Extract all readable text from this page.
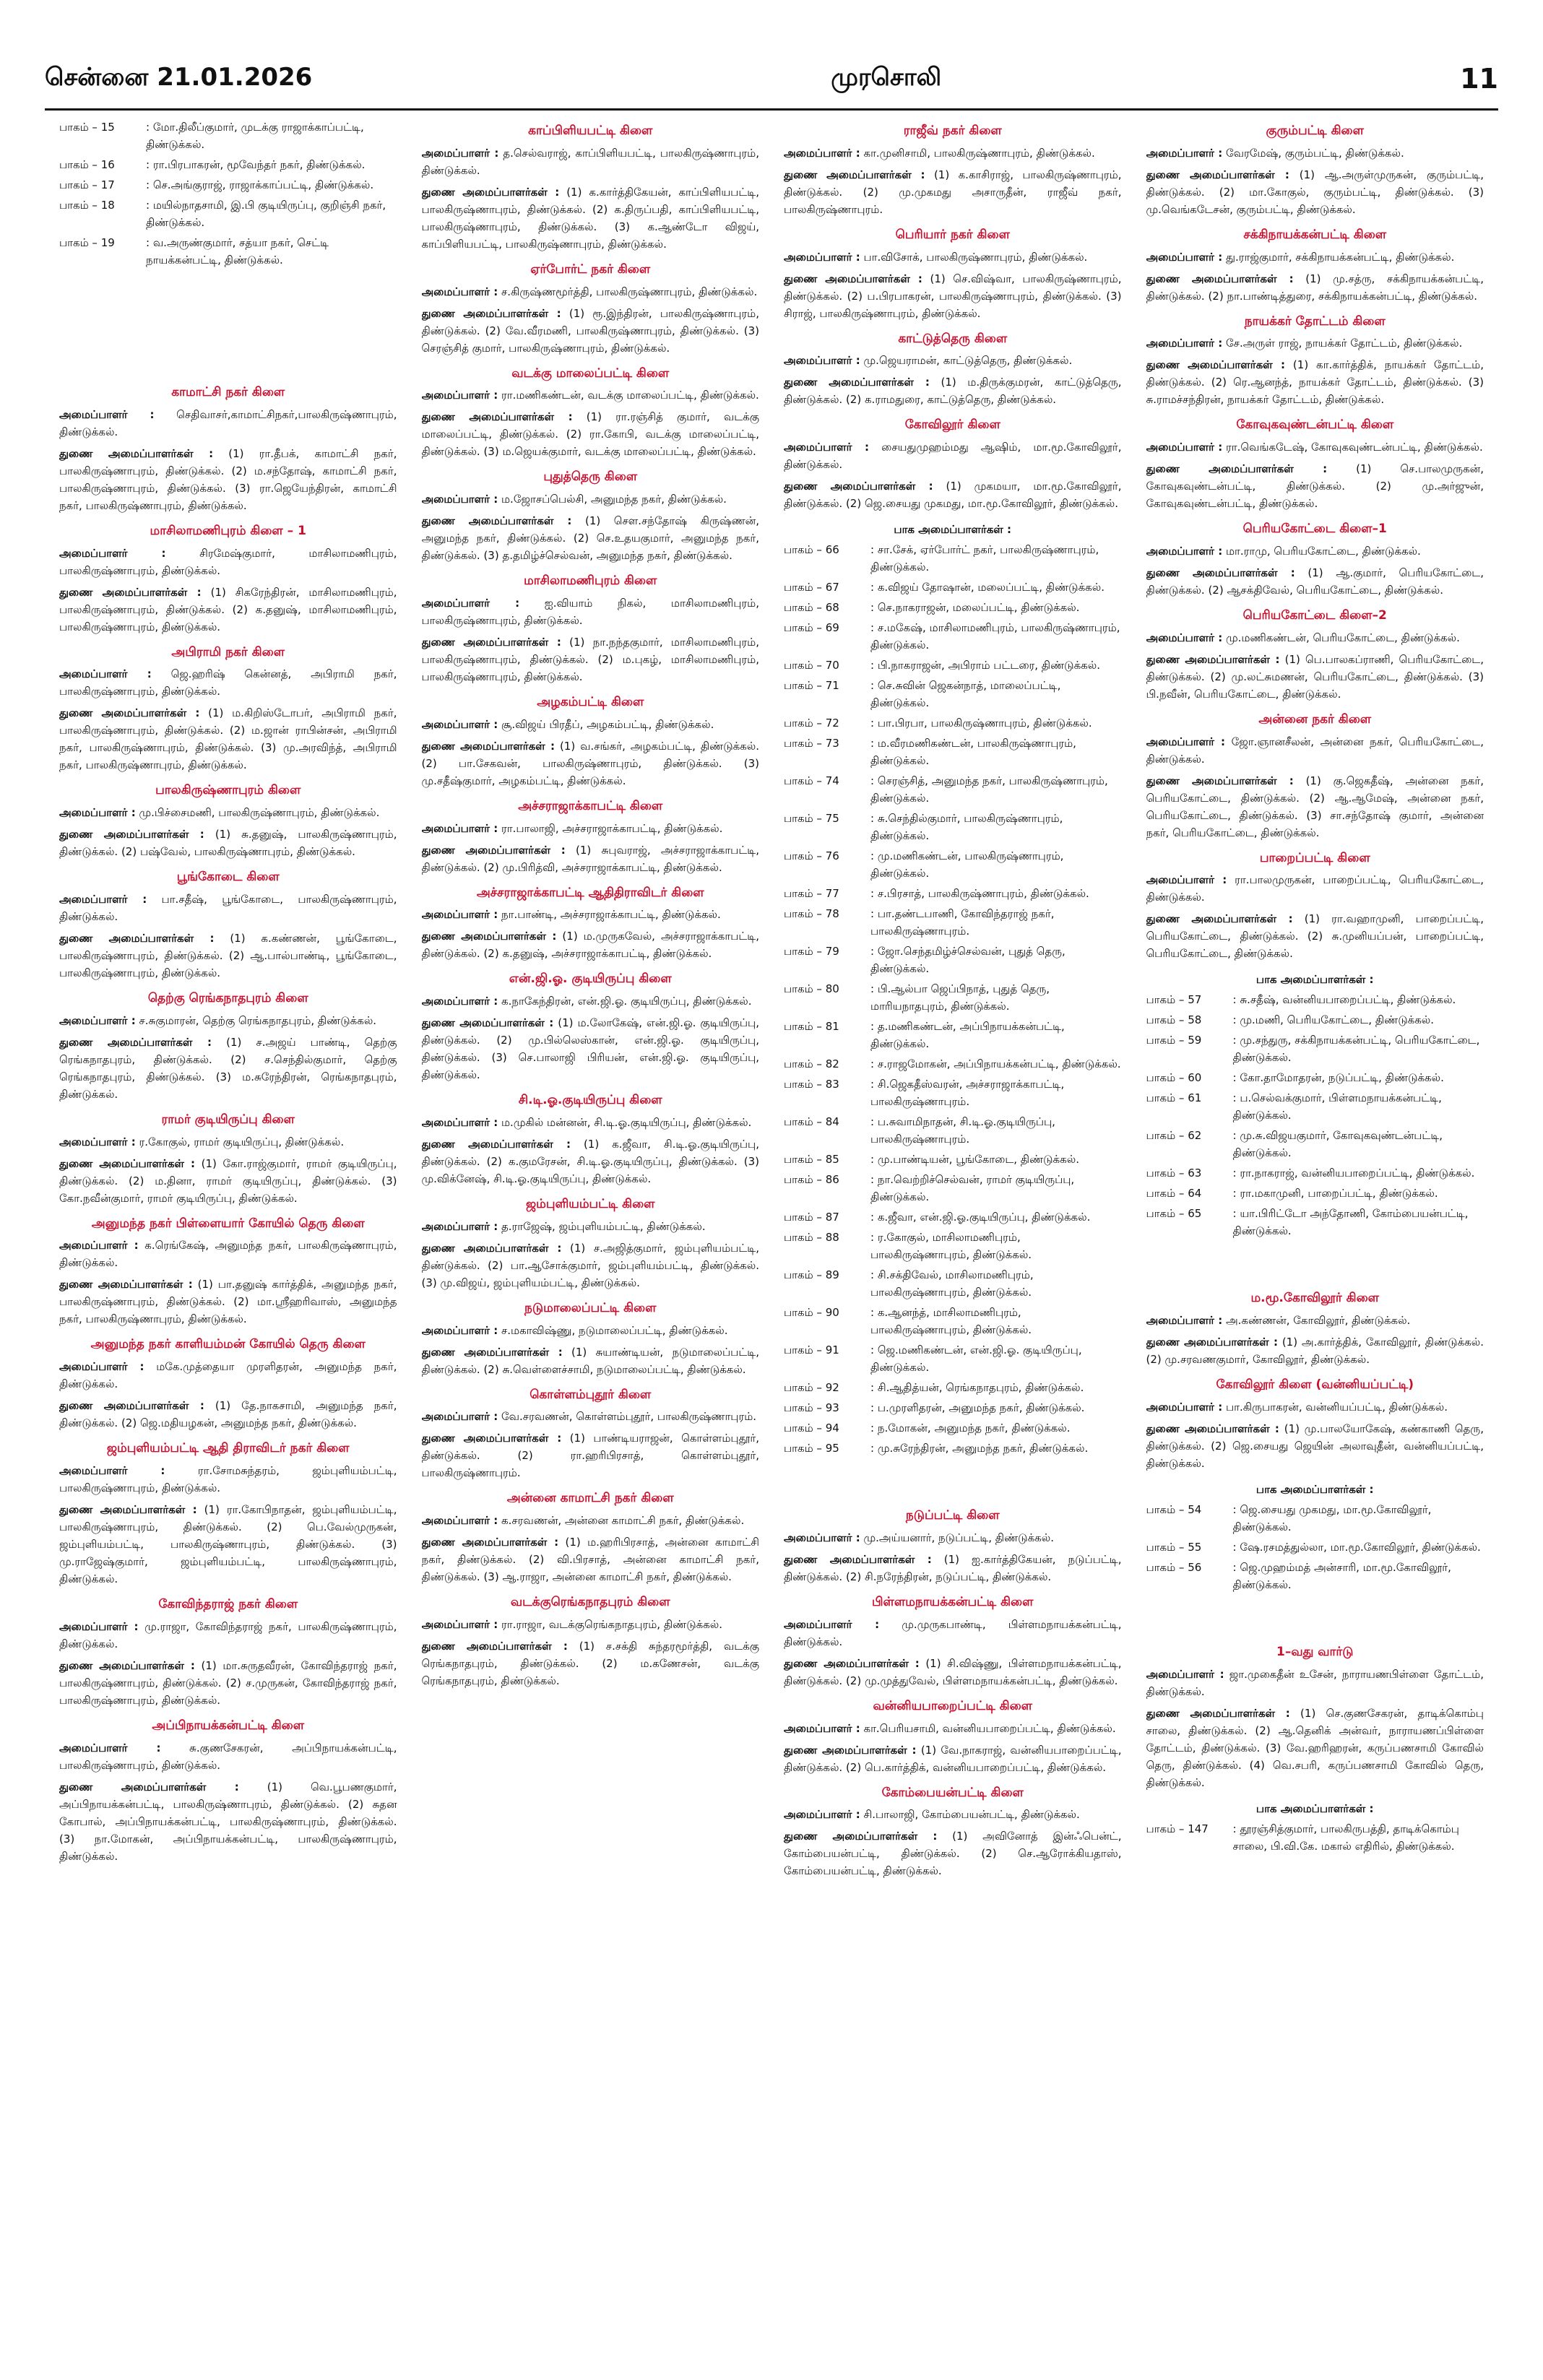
சென்னை 21.01.2026	முரசொலி	11
பாகம் – 15	: மோ.திலீப்குமார், முடக்கு ராஜாக்காப்பட்டி, திண்டுக்கல்.
பாகம் – 16	: ரா.பிரபாகரன், மூவேந்தர் நகர், திண்டுக்கல்.
பாகம் – 17	: செ.அங்குராஜ், ராஜாக்காப்பட்டி, திண்டுக்கல்.
பாகம் – 18	: மயில்நாதசாமி, இ.பி குடியிருப்பு, குறிஞ்சி நகர், திண்டுக்கல்.
பாகம் – 19	: வ.அருண்குமார், சத்யா நகர், செட்டி நாயக்கன்பட்டி, திண்டுக்கல்.
காமாட்சி நகர் கிளை
அமைப்பாளர் : செதிவாசர்,காமாட்சிநகர்,பாலகிருஷ்ணாபுரம், திண்டுக்கல்.
துணை அமைப்பாளர்கள் : (1) ரா.தீபக், காமாட்சி நகர், பாலகிருஷ்ணாபுரம், திண்டுக்கல். (2) ம.சந்தோஷ், காமாட்சி நகர், பாலகிருஷ்ணாபுரம், திண்டுக்கல். (3) ரா.ஜெயேந்திரன், காமாட்சி நகர், பாலகிருஷ்ணாபுரம், திண்டுக்கல்.
மாசிலாமணிபுரம் கிளை – 1
அமைப்பாளர் :	சிரமேஷ்குமார், மாசிலாமணிபுரம், பாலகிருஷ்ணாபுரம், திண்டுக்கல்.
துணை அமைப்பாளர்கள் : (1) சிகரேந்திரன், மாசிலாமணிபுரம், பாலகிருஷ்ணாபுரம், திண்டுக்கல். (2) க.தனுஷ், மாசிலாமணிபுரம், பாலகிருஷ்ணாபுரம், திண்டுக்கல்.
அபிராமி நகர் கிளை
அமைப்பாளர் : ஜெ.ஹரிஷ் கென்னத், அபிராமி நகர், பாலகிருஷ்ணாபுரம், திண்டுக்கல்.
துணை அமைப்பாளர்கள் : (1) ம.கிறிஸ்டோபர், அபிராமி நகர், பாலகிருஷ்ணாபுரம், திண்டுக்கல். (2) ம.ஜான் ராபின்சன், அபிராமி நகர், பாலகிருஷ்ணாபுரம், திண்டுக்கல். (3) மு.அரவிந்த், அபிராமி நகர், பாலகிருஷ்ணாபுரம், திண்டுக்கல்.
பாலகிருஷ்ணாபுரம் கிளை
அமைப்பாளர் : மு.பிச்சைமணி, பாலகிருஷ்ணாபுரம், திண்டுக்கல்.
துணை அமைப்பாளர்கள் : (1) சு.தனுஷ், பாலகிருஷ்ணாபுரம், திண்டுக்கல். (2) பஷ்வேல், பாலகிருஷ்ணாபுரம், திண்டுக்கல்.
பூங்கோடை கிளை
அமைப்பாளர் : பா.சதீஷ், பூங்கோடை, பாலகிருஷ்ணாபுரம், திண்டுக்கல்.
துணை அமைப்பாளர்கள் : (1) க.கண்ணன், பூங்கோடை, பாலகிருஷ்ணாபுரம், திண்டுக்கல். (2) ஆ.பால்பாண்டி, பூங்கோடை, பாலகிருஷ்ணாபுரம், திண்டுக்கல்.
தெற்கு ரெங்கநாதபுரம் கிளை
அமைப்பாளர் : ச.சுகுமாரன், தெற்கு ரெங்கநாதபுரம், திண்டுக்கல்.
துணை அமைப்பாளர்கள் : (1) ச.அஜய் பாண்டி, தெற்கு ரெங்கநாதபுரம், திண்டுக்கல். (2) ச.செந்தில்குமார், தெற்கு ரெங்கநாதபுரம், திண்டுக்கல். (3) ம.சுரேந்திரன், ரெங்கநாதபுரம், திண்டுக்கல்.
ராமர் குடியிருப்பு கிளை
அமைப்பாளர் : ர.கோகுல், ராமர் குடியிருப்பு, திண்டுக்கல்.
துணை அமைப்பாளர்கள் : (1) கோ.ராஜ்குமார், ராமர் குடியிருப்பு, திண்டுக்கல். (2) ம.தினா, ராமர் குடியிருப்பு, திண்டுக்கல். (3) கோ.நவீன்குமார், ராமர் குடியிருப்பு, திண்டுக்கல்.
அனுமந்த நகர் பிள்ளையார் கோயில் தெரு கிளை
அமைப்பாளர் : க.ரெங்கேஷ், அனுமந்த நகர், பாலகிருஷ்ணாபுரம், திண்டுக்கல்.
துணை அமைப்பாளர்கள் : (1) பா.தனுஷ் கார்த்திக், அனுமந்த நகர், பாலகிருஷ்ணாபுரம், திண்டுக்கல். (2) மா.ஸ்ரீஹரிவாஸ், அனுமந்த நகர், பாலகிருஷ்ணாபுரம், திண்டுக்கல்.
அனுமந்த நகர் காளியம்மன் கோயில் தெரு கிளை
அமைப்பாளர் : மகே.முத்தையா முரளிதரன், அனுமந்த நகர், திண்டுக்கல்.
துணை அமைப்பாளர்கள் : (1) தே.நாகசாமி, அனுமந்த நகர், திண்டுக்கல். (2) ஜெ.மதியழகன், அனுமந்த நகர், திண்டுக்கல்.
ஜம்புளியம்பட்டி ஆதி திராவிடர் நகர் கிளை
அமைப்பாளர் :	ரா.சோமசுந்தரம், ஜம்புளியம்பட்டி, பாலகிருஷ்ணாபுரம், திண்டுக்கல்.
துணை அமைப்பாளர்கள் : (1) ரா.கோபிநாதன், ஜம்புளியம்பட்டி, பாலகிருஷ்ணாபுரம், திண்டுக்கல். (2) பெ.வேல்முருகன், ஜம்புளியம்பட்டி, பாலகிருஷ்ணாபுரம், திண்டுக்கல். (3) மு.ராஜேஷ்குமார், ஜம்புளியம்பட்டி, பாலகிருஷ்ணாபுரம், திண்டுக்கல்.
கோவிந்தராஜ் நகர் கிளை
அமைப்பாளர் : மு.ராஜா, கோவிந்தராஜ் நகர், பாலகிருஷ்ணாபுரம், திண்டுக்கல்.
துணை அமைப்பாளர்கள் : (1) மா.சுருதவீரன், கோவிந்தராஜ் நகர், பாலகிருஷ்ணாபுரம், திண்டுக்கல். (2) ச.முருகன், கோவிந்தராஜ் நகர், பாலகிருஷ்ணாபுரம், திண்டுக்கல்.
அப்பிநாயக்கன்பட்டி கிளை
அமைப்பாளர் :	சு.குணசேகரன், அப்பிநாயக்கன்பட்டி, பாலகிருஷ்ணாபுரம், திண்டுக்கல்.
துணை அமைப்பாளர்கள் :	(1) வெ.பூபணகுமார், அப்பிநாயக்கன்பட்டி, பாலகிருஷ்ணாபுரம், திண்டுக்கல். (2) சுதன கோபால், அப்பிநாயக்கன்பட்டி, பாலகிருஷ்ணாபுரம், திண்டுக்கல். (3) நா.மோகன், அப்பிநாயக்கன்பட்டி, பாலகிருஷ்ணாபுரம், திண்டுக்கல்.
காப்பிளியபட்டி கிளை
அமைப்பாளர் : த.செல்வராஜ், காப்பிளியபட்டி, பாலகிருஷ்ணாபுரம், திண்டுக்கல்.
துணை அமைப்பாளர்கள் : (1) க.கார்த்திகேயன், காப்பிளியபட்டி, பாலகிருஷ்ணாபுரம், திண்டுக்கல். (2) க.திருப்பதி, காப்பிளியபட்டி, பாலகிருஷ்ணாபுரம், திண்டுக்கல். (3) க.ஆண்டோ விஜய், காப்பிளியபட்டி, பாலகிருஷ்ணாபுரம், திண்டுக்கல்.
ஏர்போர்ட் நகர் கிளை
அமைப்பாளர் : ச.கிருஷ்ணமூர்த்தி, பாலகிருஷ்ணாபுரம், திண்டுக்கல்.
துணை அமைப்பாளர்கள் : (1) ரூ.இந்திரன், பாலகிருஷ்ணாபுரம், திண்டுக்கல். (2) வே.வீரமணி, பாலகிருஷ்ணாபுரம், திண்டுக்கல். (3) செரஞ்சித் குமார், பாலகிருஷ்ணாபுரம், திண்டுக்கல்.
வடக்கு மாலைப்பட்டி கிளை
அமைப்பாளர் : ரா.மணிகண்டன், வடக்கு மாலைப்பட்டி, திண்டுக்கல்.
துணை அமைப்பாளர்கள் : (1) ரா.ரஞ்சித் குமார், வடக்கு மாலைப்பட்டி, திண்டுக்கல். (2) ரா.கோபி, வடக்கு மாலைப்பட்டி, திண்டுக்கல். (3) ம.ஜெயக்குமார், வடக்கு மாலைப்பட்டி, திண்டுக்கல்.
புதுத்தெரு கிளை
அமைப்பாளர் : ம.ஜோசப்பெல்சி, அனுமந்த நகர், திண்டுக்கல்.
துணை அமைப்பாளர்கள் : (1) சௌ.சந்தோஷ் கிருஷ்ணன், அனுமந்த நகர், திண்டுக்கல். (2) செ.உதயகுமார், அனுமந்த நகர், திண்டுக்கல். (3) த.தமிழ்ச்செல்வன், அனுமந்த நகர், திண்டுக்கல்.
மாசிலாமணிபுரம் கிளை
அமைப்பாளர் : ஐ.வியாம் நிகல், மாசிலாமணிபுரம், பாலகிருஷ்ணாபுரம், திண்டுக்கல்.
துணை அமைப்பாளர்கள் : (1) நா.நந்தகுமார், மாசிலாமணிபுரம், பாலகிருஷ்ணாபுரம், திண்டுக்கல். (2) ம.புகழ், மாசிலாமணிபுரம், பாலகிருஷ்ணாபுரம், திண்டுக்கல்.
அழகம்பட்டி கிளை
அமைப்பாளர் : சூ.விஜய் பிரதீப், அழகம்பட்டி, திண்டுக்கல்.
துணை அமைப்பாளர்கள் : (1) வ.சங்கர், அழகம்பட்டி, திண்டுக்கல். (2) பா.சேகவன், பாலகிருஷ்ணாபுரம், திண்டுக்கல். (3) மு.சதீஷ்குமார், அழகம்பட்டி, திண்டுக்கல்.
அச்சராஜாக்காபட்டி கிளை
அமைப்பாளர் : ரா.பாலாஜி, அச்சராஜாக்காபட்டி, திண்டுக்கல்.
துணை அமைப்பாளர்கள் : (1) சுபுவராஜ், அச்சராஜாக்காபட்டி, திண்டுக்கல். (2) மு.பிரித்வி, அச்சராஜாக்காபட்டி, திண்டுக்கல்.
அச்சராஜாக்காபட்டி ஆதிதிராவிடர் கிளை
அமைப்பாளர் : நா.பாண்டி, அச்சராஜாக்காபட்டி, திண்டுக்கல்.
துணை அமைப்பாளர்கள் : (1) ம.முருகவேல், அச்சராஜாக்காபட்டி, திண்டுக்கல். (2) க.தனுஷ், அச்சராஜாக்காபட்டி, திண்டுக்கல்.
என்.ஜி.ஓ. குடியிருப்பு கிளை
அமைப்பாளர் : க.நாகேந்திரன், என்.ஜி.ஓ. குடியிருப்பு, திண்டுக்கல்.
துணை அமைப்பாளர்கள் : (1) ம.லோகேஷ், என்.ஜி.ஓ. குடியிருப்பு, திண்டுக்கல். (2) மு.பில்லெஸ்கான், என்.ஜி.ஓ. குடியிருப்பு, திண்டுக்கல். (3) செ.பாலாஜி பிரியன், என்.ஜி.ஓ. குடியிருப்பு, திண்டுக்கல்.
சி.டி.ஓ.குடியிருப்பு கிளை
அமைப்பாளர் : ம.முகில் மன்னன், சி.டி.ஓ.குடியிருப்பு, திண்டுக்கல்.
துணை அமைப்பாளர்கள் : (1) க.ஜீவா, சி.டி.ஓ.குடியிருப்பு, திண்டுக்கல். (2) க.குமரேசன், சி.டி.ஓ.குடியிருப்பு, திண்டுக்கல். (3) மு.விக்னேஷ், சி.டி.ஓ.குடியிருப்பு, திண்டுக்கல்.
ஜம்புளியம்பட்டி கிளை
அமைப்பாளர் : த.ராஜேஷ், ஜம்புளியம்பட்டி, திண்டுக்கல்.
துணை அமைப்பாளர்கள் : (1) ச.அஜித்குமார், ஜம்புளியம்பட்டி, திண்டுக்கல். (2) பா.ஆசோக்குமார், ஜம்புளியம்பட்டி, திண்டுக்கல். (3) மு.விஜய், ஜம்புளியம்பட்டி, திண்டுக்கல்.
நடுமாலைப்பட்டி கிளை
அமைப்பாளர் : ச.மகாவிஷ்ணு, நடுமாலைப்பட்டி, திண்டுக்கல்.
துணை அமைப்பாளர்கள் : (1) சுயாண்டியன், நடுமாலைப்பட்டி, திண்டுக்கல். (2) சு.வெள்ளைச்சாமி, நடுமாலைப்பட்டி, திண்டுக்கல்.
கொள்ளம்புதூர் கிளை
அமைப்பாளர் : வே.சரவணன், கொள்ளம்புதூர், பாலகிருஷ்ணாபுரம்.
துணை அமைப்பாளர்கள் : (1) பாண்டியராஜன், கொள்ளம்புதூர், திண்டுக்கல். (2) ரா.ஹரிபிரசாத், கொள்ளம்புதூர், பாலகிருஷ்ணாபுரம்.
அன்னை காமாட்சி நகர் கிளை
அமைப்பாளர் : க.சரவணன், அன்னை காமாட்சி நகர், திண்டுக்கல்.
துணை அமைப்பாளர்கள் : (1) ம.ஹரிபிரசாத், அன்னை காமாட்சி நகர், திண்டுக்கல். (2) வி.பிரசாத், அன்னை காமாட்சி நகர், திண்டுக்கல். (3) ஆ.ராஜா, அன்னை காமாட்சி நகர், திண்டுக்கல்.
வடக்குரெங்கநாதபுரம் கிளை
அமைப்பாளர் : ரா.ராஜா, வடக்குரெங்கநாதபுரம், திண்டுக்கல்.
துணை அமைப்பாளர்கள் : (1) ச.சக்தி சுந்தரமூர்த்தி, வடக்கு ரெங்கநாதபுரம், திண்டுக்கல். (2) ம.கணேசன், வடக்கு ரெங்கநாதபுரம், திண்டுக்கல்.
ராஜீவ் நகர் கிளை
அமைப்பாளர் : கா.முனிசாமி, பாலகிருஷ்ணாபுரம், திண்டுக்கல்.
துணை அமைப்பாளர்கள் : (1) க.காசிராஜ், பாலகிருஷ்ணாபுரம், திண்டுக்கல். (2) மு.முகமது அசாருதீன், ராஜீவ் நகர், பாலகிருஷ்ணாபுரம்.
பெரியார் நகர் கிளை
அமைப்பாளர் : பா.விசோக், பாலகிருஷ்ணாபுரம், திண்டுக்கல்.
துணை அமைப்பாளர்கள் : (1) செ.விஷ்வா, பாலகிருஷ்ணாபுரம், திண்டுக்கல். (2) ப.பிரபாகரன், பாலகிருஷ்ணாபுரம், திண்டுக்கல். (3) சிராஜ், பாலகிருஷ்ணாபுரம், திண்டுக்கல்.
காட்டுத்தெரு கிளை
அமைப்பாளர் : மு.ஜெயராமன், காட்டுத்தெரு, திண்டுக்கல்.
துணை அமைப்பாளர்கள் : (1) ம.திருக்குமரன், காட்டுத்தெரு, திண்டுக்கல். (2) க.ராமதுரை, காட்டுத்தெரு, திண்டுக்கல்.
கோவிலூர் கிளை
அமைப்பாளர் : சையதுமுஹம்மது ஆஷிம், மா.மூ.கோவிலூர், திண்டுக்கல்.
துணை அமைப்பாளர்கள் : (1) முகமயா, மா.மூ.கோவிலூர், திண்டுக்கல். (2) ஜெ.சையது முகமது, மா.மூ.கோவிலூர், திண்டுக்கல்.
பாக அமைப்பாளர்கள் :
பாகம் – 66	: சா.சேக், ஏர்போர்ட் நகர், பாலகிருஷ்ணாபுரம், திண்டுக்கல்.
பாகம் – 67	: க.விஜய் தோஷான், மலைப்பட்டி, திண்டுக்கல்.
பாகம் – 68	: செ.நாகராஜன், மலைப்பட்டி, திண்டுக்கல்.
பாகம் – 69	: ச.மகேஷ், மாசிலாமணிபுரம், பாலகிருஷ்ணாபுரம், திண்டுக்கல்.
பாகம் – 70	: பி.நாகராஜன், அபிராம் பட்டரை, திண்டுக்கல்.
பாகம் – 71	: செ.சுவின் ஜெகன்நாத், மாலைப்பட்டி, திண்டுக்கல்.
பாகம் – 72	: பா.பிரபா, பாலகிருஷ்ணாபுரம், திண்டுக்கல்.
பாகம் – 73	: ம.வீரமணிகண்டன், பாலகிருஷ்ணாபுரம், திண்டுக்கல்.
பாகம் – 74	: செரஞ்சித், அனுமந்த நகர், பாலகிருஷ்ணாபுரம், திண்டுக்கல்.
பாகம் – 75	: சு.செந்தில்குமார், பாலகிருஷ்ணாபுரம், திண்டுக்கல்.
பாகம் – 76	: மு.மணிகண்டன், பாலகிருஷ்ணாபுரம், திண்டுக்கல்.
பாகம் – 77	: ச.பிரசாத், பாலகிருஷ்ணாபுரம், திண்டுக்கல்.
பாகம் – 78	: பா.தண்டபாணி, கோவிந்தராஜ் நகர், பாலகிருஷ்ணாபுரம்.
பாகம் – 79	: ஜோ.செந்தமிழ்ச்செல்வன், புதுத் தெரு, திண்டுக்கல்.
பாகம் – 80	: பி.ஆல்பா ஜெப்பிநாத், புதுத் தெரு, மாரியநாதபுரம், திண்டுக்கல்.
பாகம் – 81	: த.மணிகண்டன், அப்பிநாயக்கன்பட்டி, திண்டுக்கல்.
பாகம் – 82	: ச.ராஜமோகன், அப்பிநாயக்கன்பட்டி, திண்டுக்கல்.
பாகம் – 83	: சி.ஜெகதீஸ்வரன், அச்சராஜாக்காபட்டி, பாலகிருஷ்ணாபுரம்.
பாகம் – 84	: ப.சுவாமிநாதன், சி.டி.ஓ.குடியிருப்பு, பாலகிருஷ்ணாபுரம்.
பாகம் – 85	: மு.பாண்டியன், பூங்கோடை, திண்டுக்கல்.
பாகம் – 86	: நா.வெற்றிச்செல்வன், ராமர் குடியிருப்பு, திண்டுக்கல்.
பாகம் – 87	: க.ஜீவா, என்.ஜி.ஓ.குடியிருப்பு, திண்டுக்கல்.
பாகம் – 88	: ர.கோகுல், மாசிலாமணிபுரம், பாலகிருஷ்ணாபுரம், திண்டுக்கல்.
பாகம் – 89	: சி.சக்திவேல், மாசிலாமணிபுரம், பாலகிருஷ்ணாபுரம், திண்டுக்கல்.
பாகம் – 90	: க.ஆனந்த், மாசிலாமணிபுரம், பாலகிருஷ்ணாபுரம், திண்டுக்கல்.
பாகம் – 91	: ஜெ.மணிகண்டன், என்.ஜி.ஓ. குடியிருப்பு, திண்டுக்கல்.
பாகம் – 92	: சி.ஆதித்யன், ரெங்கநாதபுரம், திண்டுக்கல்.
பாகம் – 93	: ப.முரளிதரன், அனுமந்த நகர், திண்டுக்கல்.
பாகம் – 94	: ந.மோகன், அனுமந்த நகர், திண்டுக்கல்.
பாகம் – 95	: மு.சுரேந்திரன், அனுமந்த நகர், திண்டுக்கல்.
நடுப்பட்டி கிளை
அமைப்பாளர் : மு.அய்யனார், நடுப்பட்டி, திண்டுக்கல்.
துணை அமைப்பாளர்கள் : (1) ஐ.கார்த்திகேயன், நடுப்பட்டி, திண்டுக்கல். (2) சி.நரேந்திரன், நடுப்பட்டி, திண்டுக்கல்.
பிள்ளமநாயக்கன்பட்டி கிளை
அமைப்பாளர் : மு.முருகபாண்டி, பிள்ளமநாயக்கன்பட்டி, திண்டுக்கல்.
துணை அமைப்பாளர்கள் : (1) சி.விஷ்ணு, பிள்ளமநாயக்கன்பட்டி, திண்டுக்கல். (2) மு.முத்துவேல், பிள்ளமநாயக்கன்பட்டி, திண்டுக்கல்.
வன்னியபாறைப்பட்டி கிளை
அமைப்பாளர் : கா.பெரியசாமி, வன்னியபாறைப்பட்டி, திண்டுக்கல்.
துணை அமைப்பாளர்கள் : (1) வே.நாகராஜ், வன்னியபாறைப்பட்டி, திண்டுக்கல். (2) பெ.கார்த்திக், வன்னியபாறைப்பட்டி, திண்டுக்கல்.
கோம்பையன்பட்டி கிளை
அமைப்பாளர் : சி.பாலாஜி, கோம்பையன்பட்டி, திண்டுக்கல்.
துணை அமைப்பாளர்கள் : (1) அவினோத் இன்ஃபென்ட், கோம்பையன்பட்டி, திண்டுக்கல். (2) செ.ஆரோக்கியதாஸ், கோம்பையன்பட்டி, திண்டுக்கல்.
குரும்பட்டி கிளை
அமைப்பாளர் : வேரமேஷ், குரும்பட்டி, திண்டுக்கல்.
துணை அமைப்பாளர்கள் : (1) ஆ.அருள்முருகன், குரும்பட்டி, திண்டுக்கல். (2) மா.கோகுல், குரும்பட்டி, திண்டுக்கல். (3) மு.வெங்கடேசன், குரும்பட்டி, திண்டுக்கல்.
சக்கிநாயக்கன்பட்டி கிளை
அமைப்பாளர் : து.ராஜ்குமார், சக்கிநாயக்கன்பட்டி, திண்டுக்கல்.
துணை அமைப்பாளர்கள் : (1) மு.சத்ரு, சக்கிநாயக்கன்பட்டி, திண்டுக்கல். (2) நா.பாண்டித்துரை, சக்கிநாயக்கன்பட்டி, திண்டுக்கல்.
நாயக்கர் தோட்டம் கிளை
அமைப்பாளர் : சே.அருள் ராஜ், நாயக்கர் தோட்டம், திண்டுக்கல்.
துணை அமைப்பாளர்கள் : (1) கா.கார்த்திக், நாயக்கர் தோட்டம், திண்டுக்கல். (2) ரெ.ஆனந்த், நாயக்கர் தோட்டம், திண்டுக்கல். (3) சு.ராமச்சந்திரன், நாயக்கர் தோட்டம், திண்டுக்கல்.
கோவுகவுண்டன்பட்டி கிளை
அமைப்பாளர் : ரா.வெங்கடேஷ், கோவுகவுண்டன்பட்டி, திண்டுக்கல்.
துணை அமைப்பாளர்கள் :	(1) செ.பாலமுருகன், கோவுகவுண்டன்பட்டி, திண்டுக்கல். (2) மு.அர்ஜுன், கோவுகவுண்டன்பட்டி, திண்டுக்கல்.
பெரியகோட்டை கிளை–1
அமைப்பாளர் : மா.ராமு, பெரியகோட்டை, திண்டுக்கல்.
துணை அமைப்பாளர்கள் : (1) ஆ.குமார், பெரியகோட்டை, திண்டுக்கல். (2) ஆசக்திவேல், பெரியகோட்டை, திண்டுக்கல்.
பெரியகோட்டை கிளை–2
அமைப்பாளர் : மு.மணிகண்டன், பெரியகோட்டை, திண்டுக்கல்.
துணை அமைப்பாளர்கள் : (1) பெ.பாலகப்ராணி, பெரியகோட்டை, திண்டுக்கல். (2) மு.லட்சுமணன், பெரியகோட்டை, திண்டுக்கல். (3) பி.நவீன், பெரியகோட்டை, திண்டுக்கல்.
அன்னை நகர் கிளை
அமைப்பாளர் : ஜோ.ஞானசீலன், அன்னை நகர், பெரியகோட்டை, திண்டுக்கல்.
துணை அமைப்பாளர்கள் : (1) கு.ஜெகதீஷ், அன்னை நகர், பெரியகோட்டை, திண்டுக்கல். (2) ஆ.ஆமேஷ், அன்னை நகர், பெரியகோட்டை, திண்டுக்கல். (3) சா.சந்தோஷ் குமார், அன்னை நகர், பெரியகோட்டை, திண்டுக்கல்.
பாறைப்பட்டி கிளை
அமைப்பாளர் : ரா.பாலமுருகன், பாறைப்பட்டி, பெரியகோட்டை, திண்டுக்கல்.
துணை அமைப்பாளர்கள் : (1) ரா.வஹாமுனி, பாறைப்பட்டி, பெரியகோட்டை, திண்டுக்கல். (2) சு.முனியப்பன், பாறைப்பட்டி, பெரியகோட்டை, திண்டுக்கல்.
பாக அமைப்பாளர்கள் :
பாகம் – 57	: சு.சதீஷ், வன்னியபாறைப்பட்டி, திண்டுக்கல்.
பாகம் – 58	: மு.மணி, பெரியகோட்டை, திண்டுக்கல்.
பாகம் – 59	: மு.சந்துரு, சக்கிநாயக்கன்பட்டி, பெரியகோட்டை, திண்டுக்கல்.
பாகம் – 60	: கோ.தாமோதரன், நடுப்பட்டி, திண்டுக்கல்.
பாகம் – 61	: ப.செல்வக்குமார், பிள்ளமநாயக்கன்பட்டி, திண்டுக்கல்.
பாகம் – 62	: மு.சு.விஜயகுமார், கோவுகவுண்டன்பட்டி, திண்டுக்கல்.
பாகம் – 63	: ரா.நாகராஜ், வன்னியபாறைப்பட்டி, திண்டுக்கல்.
பாகம் – 64	: ரா.மகாமுனி, பாறைப்பட்டி, திண்டுக்கல்.
பாகம் – 65	: யா.பிரிட்டோ அந்தோணி, கோம்பையன்பட்டி, திண்டுக்கல்.
ம.மூ.கோவிலூர் கிளை
அமைப்பாளர் : அ.கண்ணன், கோவிலூர், திண்டுக்கல்.
துணை அமைப்பாளர்கள் : (1) அ.கார்த்திக், கோவிலூர், திண்டுக்கல். (2) மு.சரவணகுமார், கோவிலூர், திண்டுக்கல்.
கோவிலூர் கிளை (வன்னியப்பட்டி)
அமைப்பாளர் : பா.கிருபாகரன், வன்னியப்பட்டி, திண்டுக்கல்.
துணை அமைப்பாளர்கள் : (1) மு.பாலயோகேஷ், கண்காணி தெரு, திண்டுக்கல். (2) ஜெ.சையது ஜெயின் அலாவுதீன், வன்னியப்பட்டி, திண்டுக்கல்.
பாக அமைப்பாளர்கள் :
பாகம் – 54	: ஜெ.சையது முகமது, மா.மூ.கோவிலூர், திண்டுக்கல்.
பாகம் – 55	: ஷே.ரசமத்துல்லா, மா.மூ.கோவிலூர், திண்டுக்கல்.
பாகம் – 56	: ஜெ.முஹம்மத் அன்சாரி, மா.மூ.கோவிலூர், திண்டுக்கல்.
1–வது வார்டு
அமைப்பாளர் : ஜா.முகைதீன் உசேன், நாராயணபிள்ளை தோட்டம், திண்டுக்கல்.
துணை அமைப்பாளர்கள் : (1) செ.குணசேகரன், தாடிக்கொம்பு சாலை, திண்டுக்கல். (2) ஆ.தெனிக் அன்வர், நாராயணப்பிள்ளை தோட்டம், திண்டுக்கல். (3) வே.ஹரிஹரன், கருப்பணசாமி கோவில் தெரு, திண்டுக்கல். (4) வெ.சபரி, கருப்பணசாமி கோவில் தெரு, திண்டுக்கல்.
பாக அமைப்பாளர்கள் :
பாகம் – 147	: தூரஞ்சித்குமார், பாலகிருபத்தி, தாடிக்கொம்பு சாலை, பி.வி.கே. மகால் எதிரில், திண்டுக்கல்.
